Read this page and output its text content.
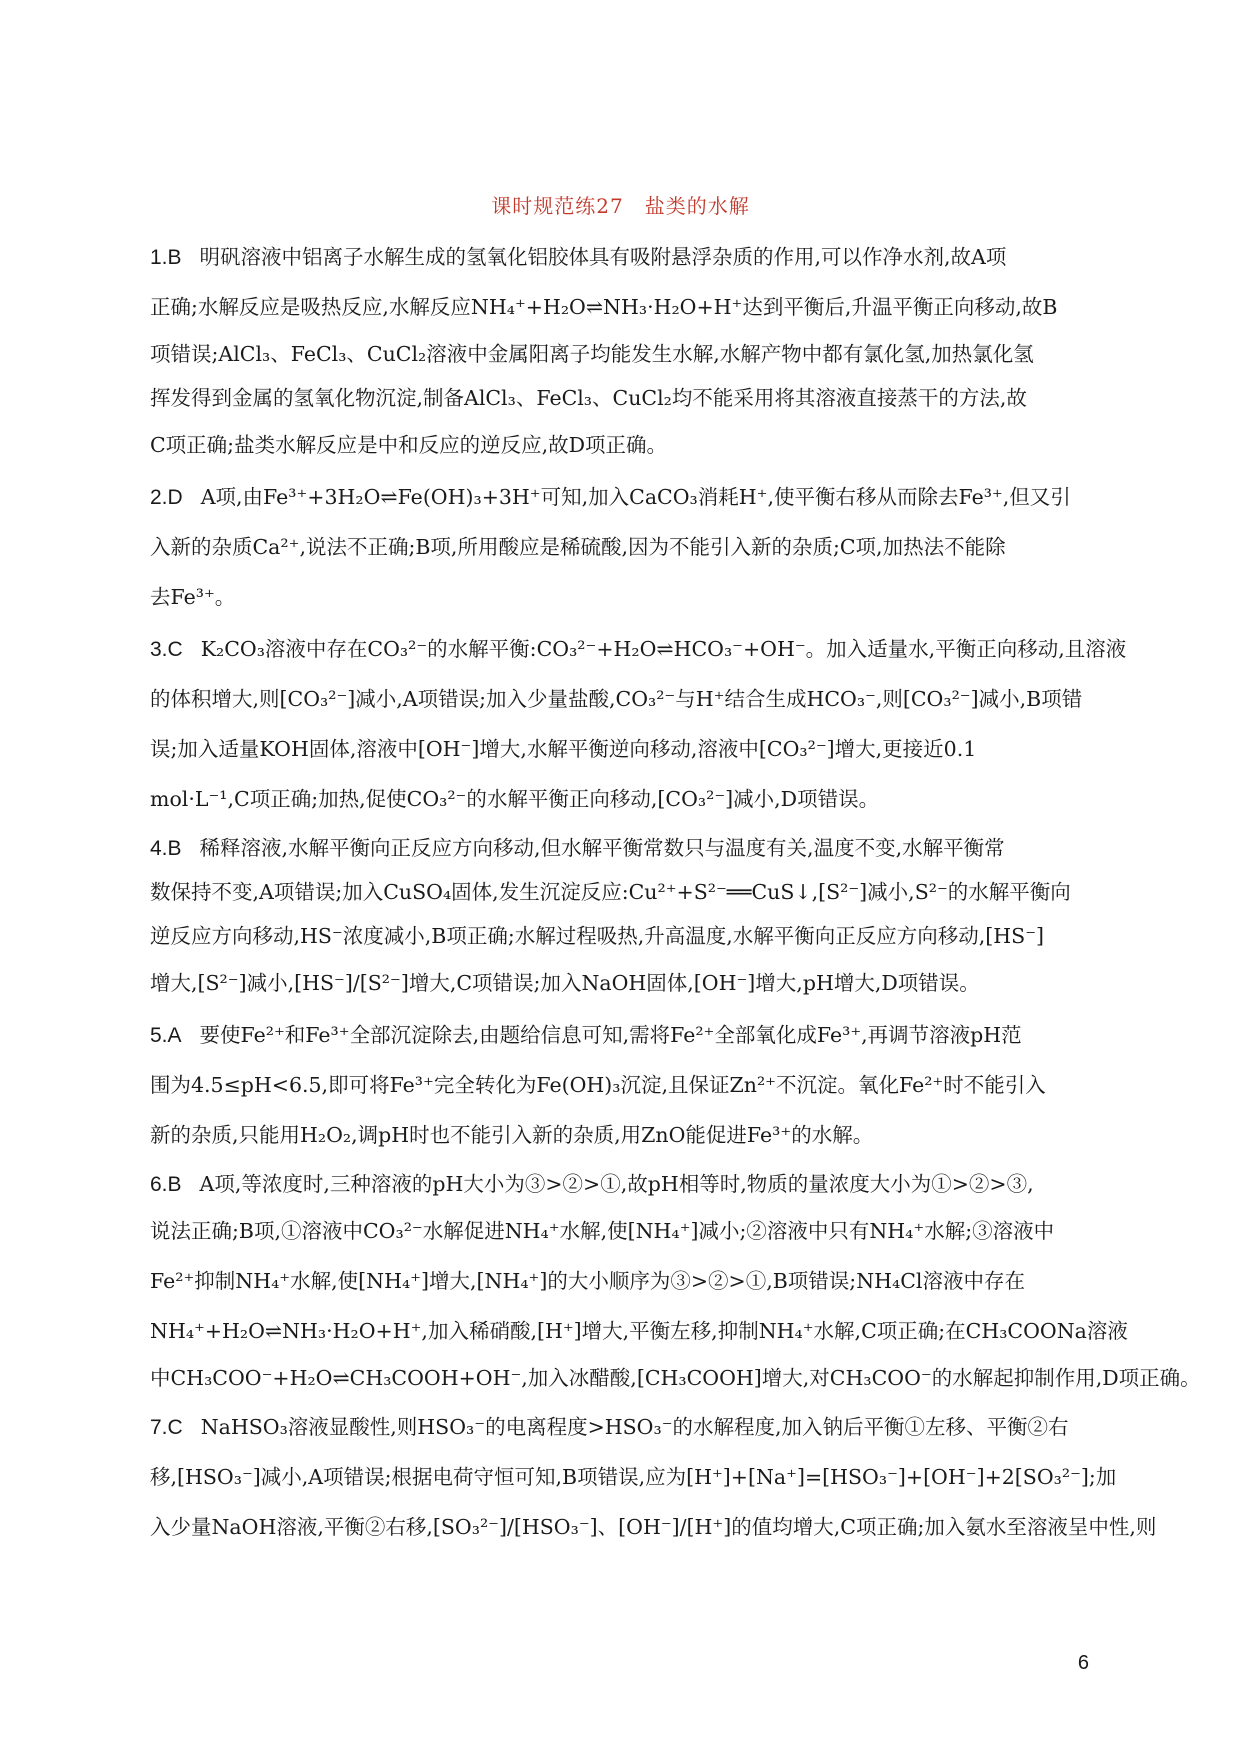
课时规范练27　盐类的水解
1.B 明矾溶液中铝离子水解生成的氢氧化铝胶体具有吸附悬浮杂质的作用,可以作净水剂,故A项
正确;水解反应是吸热反应,水解反应NH₄⁺+H₂O⇌NH₃·H₂O+H⁺达到平衡后,升温平衡正向移动,故B
项错误;AlCl₃、FeCl₃、CuCl₂溶液中金属阳离子均能发生水解,水解产物中都有氯化氢,加热氯化氢
挥发得到金属的氢氧化物沉淀,制备AlCl₃、FeCl₃、CuCl₂均不能采用将其溶液直接蒸干的方法,故
C项正确;盐类水解反应是中和反应的逆反应,故D项正确。
2.D A项,由Fe³⁺+3H₂O⇌Fe(OH)₃+3H⁺可知,加入CaCO₃消耗H⁺,使平衡右移从而除去Fe³⁺,但又引
入新的杂质Ca²⁺,说法不正确;B项,所用酸应是稀硫酸,因为不能引入新的杂质;C项,加热法不能除
去Fe³⁺。
3.C K₂CO₃溶液中存在CO₃²⁻的水解平衡:CO₃²⁻+H₂O⇌HCO₃⁻+OH⁻。加入适量水,平衡正向移动,且溶液
的体积增大,则[CO₃²⁻]减小,A项错误;加入少量盐酸,CO₃²⁻与H⁺结合生成HCO₃⁻,则[CO₃²⁻]减小,B项错
误;加入适量KOH固体,溶液中[OH⁻]增大,水解平衡逆向移动,溶液中[CO₃²⁻]增大,更接近0.1
mol·L⁻¹,C项正确;加热,促使CO₃²⁻的水解平衡正向移动,[CO₃²⁻]减小,D项错误。
4.B 稀释溶液,水解平衡向正反应方向移动,但水解平衡常数只与温度有关,温度不变,水解平衡常
数保持不变,A项错误;加入CuSO₄固体,发生沉淀反应:Cu²⁺+S²⁻══CuS↓,[S²⁻]减小,S²⁻的水解平衡向
逆反应方向移动,HS⁻浓度减小,B项正确;水解过程吸热,升高温度,水解平衡向正反应方向移动,[HS⁻]
增大,[S²⁻]减小,[HS⁻]/[S²⁻]增大,C项错误;加入NaOH固体,[OH⁻]增大,pH增大,D项错误。
5.A 要使Fe²⁺和Fe³⁺全部沉淀除去,由题给信息可知,需将Fe²⁺全部氧化成Fe³⁺,再调节溶液pH范
围为4.5≤pH<6.5,即可将Fe³⁺完全转化为Fe(OH)₃沉淀,且保证Zn²⁺不沉淀。氧化Fe²⁺时不能引入
新的杂质,只能用H₂O₂,调pH时也不能引入新的杂质,用ZnO能促进Fe³⁺的水解。
6.B A项,等浓度时,三种溶液的pH大小为③>②>①,故pH相等时,物质的量浓度大小为①>②>③,
说法正确;B项,①溶液中CO₃²⁻水解促进NH₄⁺水解,使[NH₄⁺]减小;②溶液中只有NH₄⁺水解;③溶液中
Fe²⁺抑制NH₄⁺水解,使[NH₄⁺]增大,[NH₄⁺]的大小顺序为③>②>①,B项错误;NH₄Cl溶液中存在
NH₄⁺+H₂O⇌NH₃·H₂O+H⁺,加入稀硝酸,[H⁺]增大,平衡左移,抑制NH₄⁺水解,C项正确;在CH₃COONa溶液
中CH₃COO⁻+H₂O⇌CH₃COOH+OH⁻,加入冰醋酸,[CH₃COOH]增大,对CH₃COO⁻的水解起抑制作用,D项正确。
7.C NaHSO₃溶液显酸性,则HSO₃⁻的电离程度>HSO₃⁻的水解程度,加入钠后平衡①左移、平衡②右
移,[HSO₃⁻]减小,A项错误;根据电荷守恒可知,B项错误,应为[H⁺]+[Na⁺]=[HSO₃⁻]+[OH⁻]+2[SO₃²⁻];加
入少量NaOH溶液,平衡②右移,[SO₃²⁻]/[HSO₃⁻]、[OH⁻]/[H⁺]的值均增大,C项正确;加入氨水至溶液呈中性,则
6
